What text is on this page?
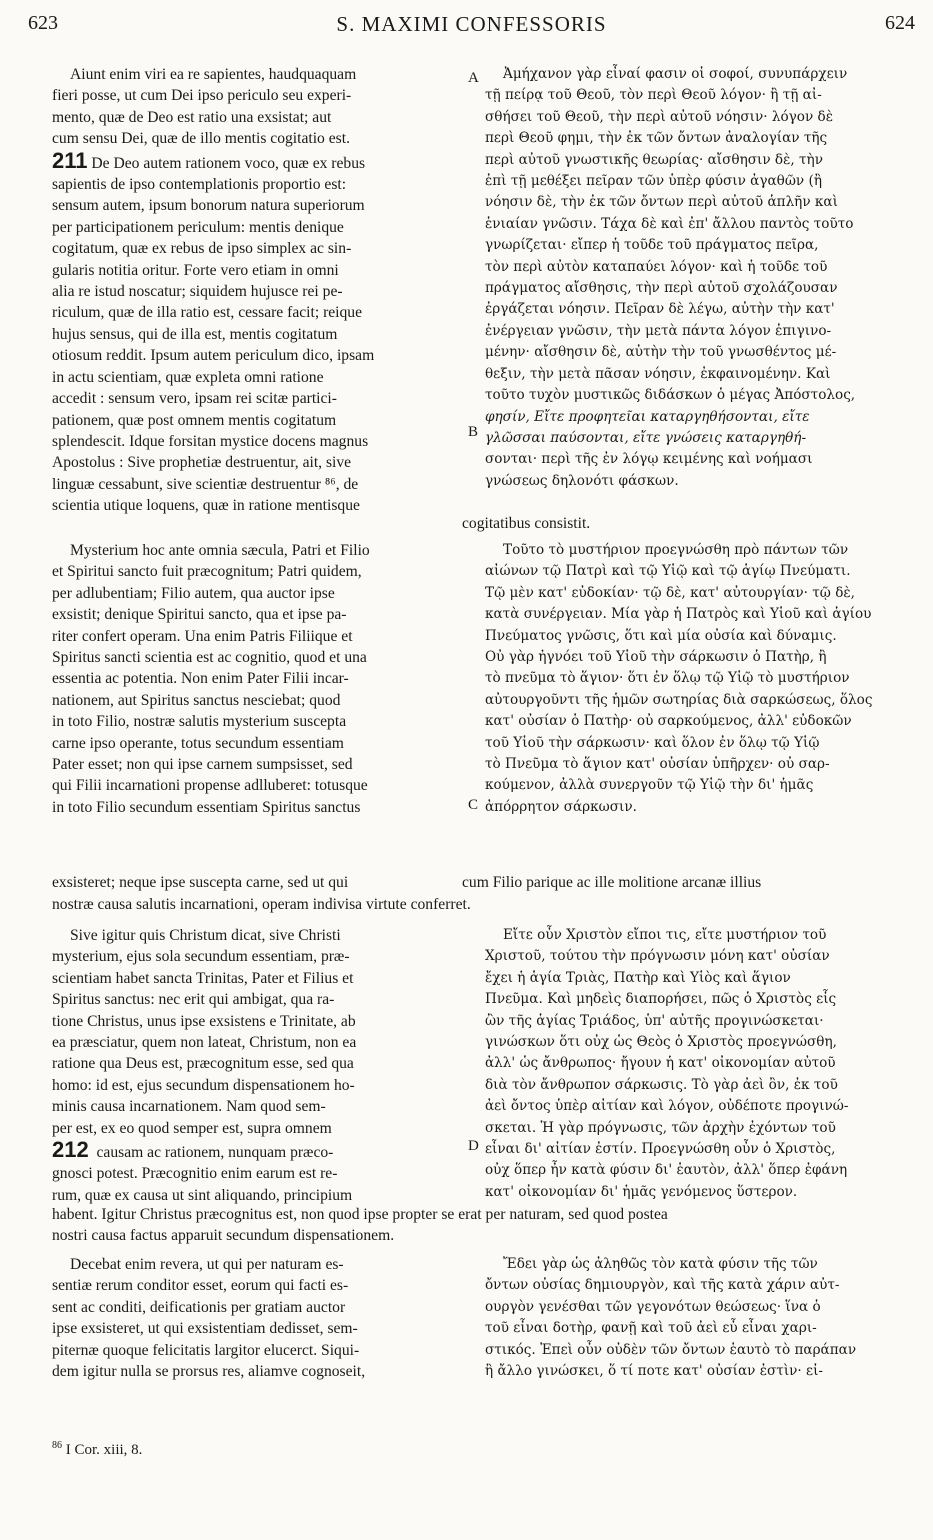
623	S. MAXIMI CONFESSORIS	624
Aiunt enim viri ea re sapientes, haudquaquam
fieri posse, ut cum Dei ipso periculo seu experi-
mento, quæ de Deo est ratio una exsistat; aut
cum sensu Dei, quæ de illo mentis cogitatio est.
211 De Deo autem rationem voco, quæ ex rebus
sapientis de ipso contemplationis proportio est:
sensum autem, ipsum bonorum natura superiorum
per participationem periculum: mentis denique
cogitatum, quæ ex rebus de ipso simplex ac sin-
gularis notitia oritur. Forte vero etiam in omni
alia re istud noscatur; siquidem hujusce rei pe-
riculum, quæ de illa ratio est, cessare facit; reique
hujus sensus, qui de illa est, mentis cogitatum
otiosum reddit. Ipsum autem periculum dico, ipsam
in actu scientiam, quæ expleta omni ratione
accedit : sensum vero, ipsam rei scitæ partici-
pationem, quæ post omnem mentis cogitatum
splendescit. Idque forsitan mystice docens magnus
Apostolus : Sive prophetiæ destruentur, ait, sive
linguæ cessabunt, sive scientiæ destruentur ⁸⁶, de
scientia utique loquens, quæ in ratione mentisque
A
B
Ἀμήχανον γὰρ εἶναί φασιν οἱ σοφοί, συνυπάρχειν
τῇ πείρᾳ τοῦ Θεοῦ, τὸν περὶ Θεοῦ λόγον· ἢ τῇ αἰ-
σθήσει τοῦ Θεοῦ, τὴν περὶ αὐτοῦ νόησιν· λόγον δὲ
περὶ Θεοῦ φημι, τὴν ἐκ τῶν ὄντων ἀναλογίαν τῆς
περὶ αὐτοῦ γνωστικῆς θεωρίας· αἴσθησιν δὲ, τὴν
ἐπὶ τῇ μεθέξει πεῖραν τῶν ὑπὲρ φύσιν ἀγαθῶν (ἢ
νόησιν δὲ, τὴν ἐκ τῶν ὄντων περὶ αὐτοῦ ἁπλῆν καὶ
ἑνιαίαν γνῶσιν. Τάχα δὲ καὶ ἐπ' ἄλλου παντὸς τοῦτο
γνωρίζεται· εἴπερ ἡ τοῦδε τοῦ πράγματος πεῖρα,
τὸν περὶ αὐτὸν καταπαύει λόγον· καὶ ἡ τοῦδε τοῦ
πράγματος αἴσθησις, τὴν περὶ αὐτοῦ σχολάζουσαν
ἐργάζεται νόησιν. Πεῖραν δὲ λέγω, αὐτὴν τὴν κατ'
ἐνέργειαν γνῶσιν, τὴν μετὰ πάντα λόγον ἐπιγινο-
μένην· αἴσθησιν δὲ, αὐτὴν τὴν τοῦ γνωσθέντος μέ-
θεξιν, τὴν μετὰ πᾶσαν νόησιν, ἐκφαινομένην. Καὶ
τοῦτο τυχὸν μυστικῶς διδάσκων ὁ μέγας Ἀπόστολος,
φησίν, Εἴτε προφητεῖαι καταργηθήσονται, εἴτε
γλῶσσαι παύσονται, εἴτε γνώσεις καταργηθή-
σονται· περὶ τῆς ἐν λόγῳ κειμένης καὶ νοήμασι
γνώσεως δηλονότι φάσκων.
cogitatibus consistit.
Mysterium hoc ante omnia sæcula, Patri et Filio
et Spiritui sancto fuit præcognitum; Patri quidem,
per adlubentiam; Filio autem, qua auctor ipse
exsistit; denique Spiritui sancto, qua et ipse pa-
riter confert operam. Una enim Patris Filiique et
Spiritus sancti scientia est ac cognitio, quod et una
essentia ac potentia. Non enim Pater Filii incar-
nationem, aut Spiritus sanctus nesciebat; quod
in toto Filio, nostræ salutis mysterium suscepta
carne ipso operante, totus secundum essentiam
Pater esset; non qui ipse carnem sumpsisset, sed
qui Filii incarnationi propense adlluberet: totusque
in toto Filio secundum essentiam Spiritus sanctus	C
Τοῦτο τὸ μυστήριον προεγνώσθη πρὸ πάντων τῶν
αἰώνων τῷ Πατρὶ καὶ τῷ Υἱῷ καὶ τῷ ἁγίῳ Πνεύματι.
Τῷ μὲν κατ' εὐδοκίαν· τῷ δὲ, κατ' αὐτουργίαν· τῷ δὲ,
κατὰ συνέργειαν. Μία γὰρ ἡ Πατρὸς καὶ Υἱοῦ καὶ ἁγίου
Πνεύματος γνῶσις, ὅτι καὶ μία οὐσία καὶ δύναμις.
Οὐ γὰρ ἠγνόει τοῦ Υἱοῦ τὴν σάρκωσιν ὁ Πατὴρ, ἢ
τὸ πνεῦμα τὸ ἅγιον· ὅτι ἐν ὅλῳ τῷ Υἱῷ τὸ μυστήριον
αὐτουργοῦντι τῆς ἡμῶν σωτηρίας διὰ σαρκώσεως, ὅλος
κατ' οὐσίαν ὁ Πατὴρ· οὐ σαρκούμενος, ἀλλ' εὐδοκῶν
τοῦ Υἱοῦ τὴν σάρκωσιν· καὶ ὅλον ἐν ὅλῳ τῷ Υἱῷ
τὸ Πνεῦμα τὸ ἅγιον κατ' οὐσίαν ὑπῆρχεν· οὐ σαρ-
κούμενον, ἀλλὰ συνεργοῦν τῷ Υἱῷ τὴν δι' ἡμᾶς
ἀπόρρητον σάρκωσιν.
exsisteret; neque ipse suscepta carne, sed ut qui	cum Filio parique ac ille molitione arcanæ illius
nostræ causa salutis incarnationi, operam indivisa virtute conferret.
Sive igitur quis Christum dicat, sive Christi
mysterium, ejus sola secundum essentiam, præ-
scientiam habet sancta Trinitas, Pater et Filius et
Spiritus sanctus: nec erit qui ambigat, qua ra-
tione Christus, unus ipse exsistens e Trinitate, ab
ea præsciatur, quem non lateat, Christum, non ea
ratione qua Deus est, præcognitum esse, sed qua
homo: id est, ejus secundum dispensationem ho-
minis causa incarnationem. Nam quod sem-
per est, ex eo quod semper est, supra omnem
212 causam ac rationem, nunquam præco-
gnosci potest. Præcognitio enim earum est re-
rum, quæ ex causa ut sint aliquando, principium
D
Εἴτε οὖν Χριστὸν εἴποι τις, εἴτε μυστήριον τοῦ
Χριστοῦ, τούτου τὴν πρόγνωσιν μόνη κατ' οὐσίαν
ἔχει ἡ ἁγία Τριὰς, Πατὴρ καὶ Υἱὸς καὶ ἅγιον
Πνεῦμα. Καὶ μηδεὶς διαπορήσει, πῶς ὁ Χριστὸς εἷς
ὢν τῆς ἁγίας Τριάδος, ὑπ' αὐτῆς προγινώσκεται·
γινώσκων ὅτι οὐχ ὡς Θεὸς ὁ Χριστὸς προεγνώσθη,
ἀλλ' ὡς ἄνθρωπος· ἤγουν ἡ κατ' οἰκονομίαν αὐτοῦ
διὰ τὸν ἄνθρωπον σάρκωσις. Τὸ γὰρ ἀεὶ ὂν, ἐκ τοῦ
ἀεὶ ὄντος ὑπὲρ αἰτίαν καὶ λόγον, οὐδέποτε προγινώ-
σκεται. Ἡ γὰρ πρόγνωσις, τῶν ἀρχὴν ἐχόντων τοῦ
εἶναι δι' αἰτίαν ἐστίν. Προεγνώσθη οὖν ὁ Χριστὸς,
οὐχ ὅπερ ἦν κατὰ φύσιν δι' ἑαυτὸν, ἀλλ' ὅπερ ἐφάνη
κατ' οἰκονομίαν δι' ἡμᾶς γενόμενος ὕστερον.
habent. Igitur Christus præcognitus est, non quod ipse propter se erat per naturam, sed quod postea
nostri causa factus apparuit secundum dispensationem.
Decebat enim revera, ut qui per naturam es-
sentiæ rerum conditor esset, eorum qui facti es-
sent ac conditi, deificationis per gratiam auctor
ipse exsisteret, ut qui exsistentiam dedisset, sem-
piternæ quoque felicitatis largitor elucerct. Siqui-
dem igitur nulla se prorsus res, aliamve cognoseit,
Ἔδει γὰρ ὡς ἀληθῶς τὸν κατὰ φύσιν τῆς τῶν
ὄντων οὐσίας δημιουργὸν, καὶ τῆς κατὰ χάριν αὐτ-
ουργὸν γενέσθαι τῶν γεγονότων θεώσεως· ἵνα ὁ
τοῦ εἶναι δοτὴρ, φανῇ καὶ τοῦ ἀεὶ εὖ εἶναι χαρι-
στικός. Ἐπεὶ οὖν οὐδὲν τῶν ὄντων ἑαυτὸ τὸ παράπαν
ἢ ἄλλο γινώσκει, ὅ τί ποτε κατ' οὐσίαν ἐστὶν· εἰ-
$^{86}$ I Cor. xiii, 8.
